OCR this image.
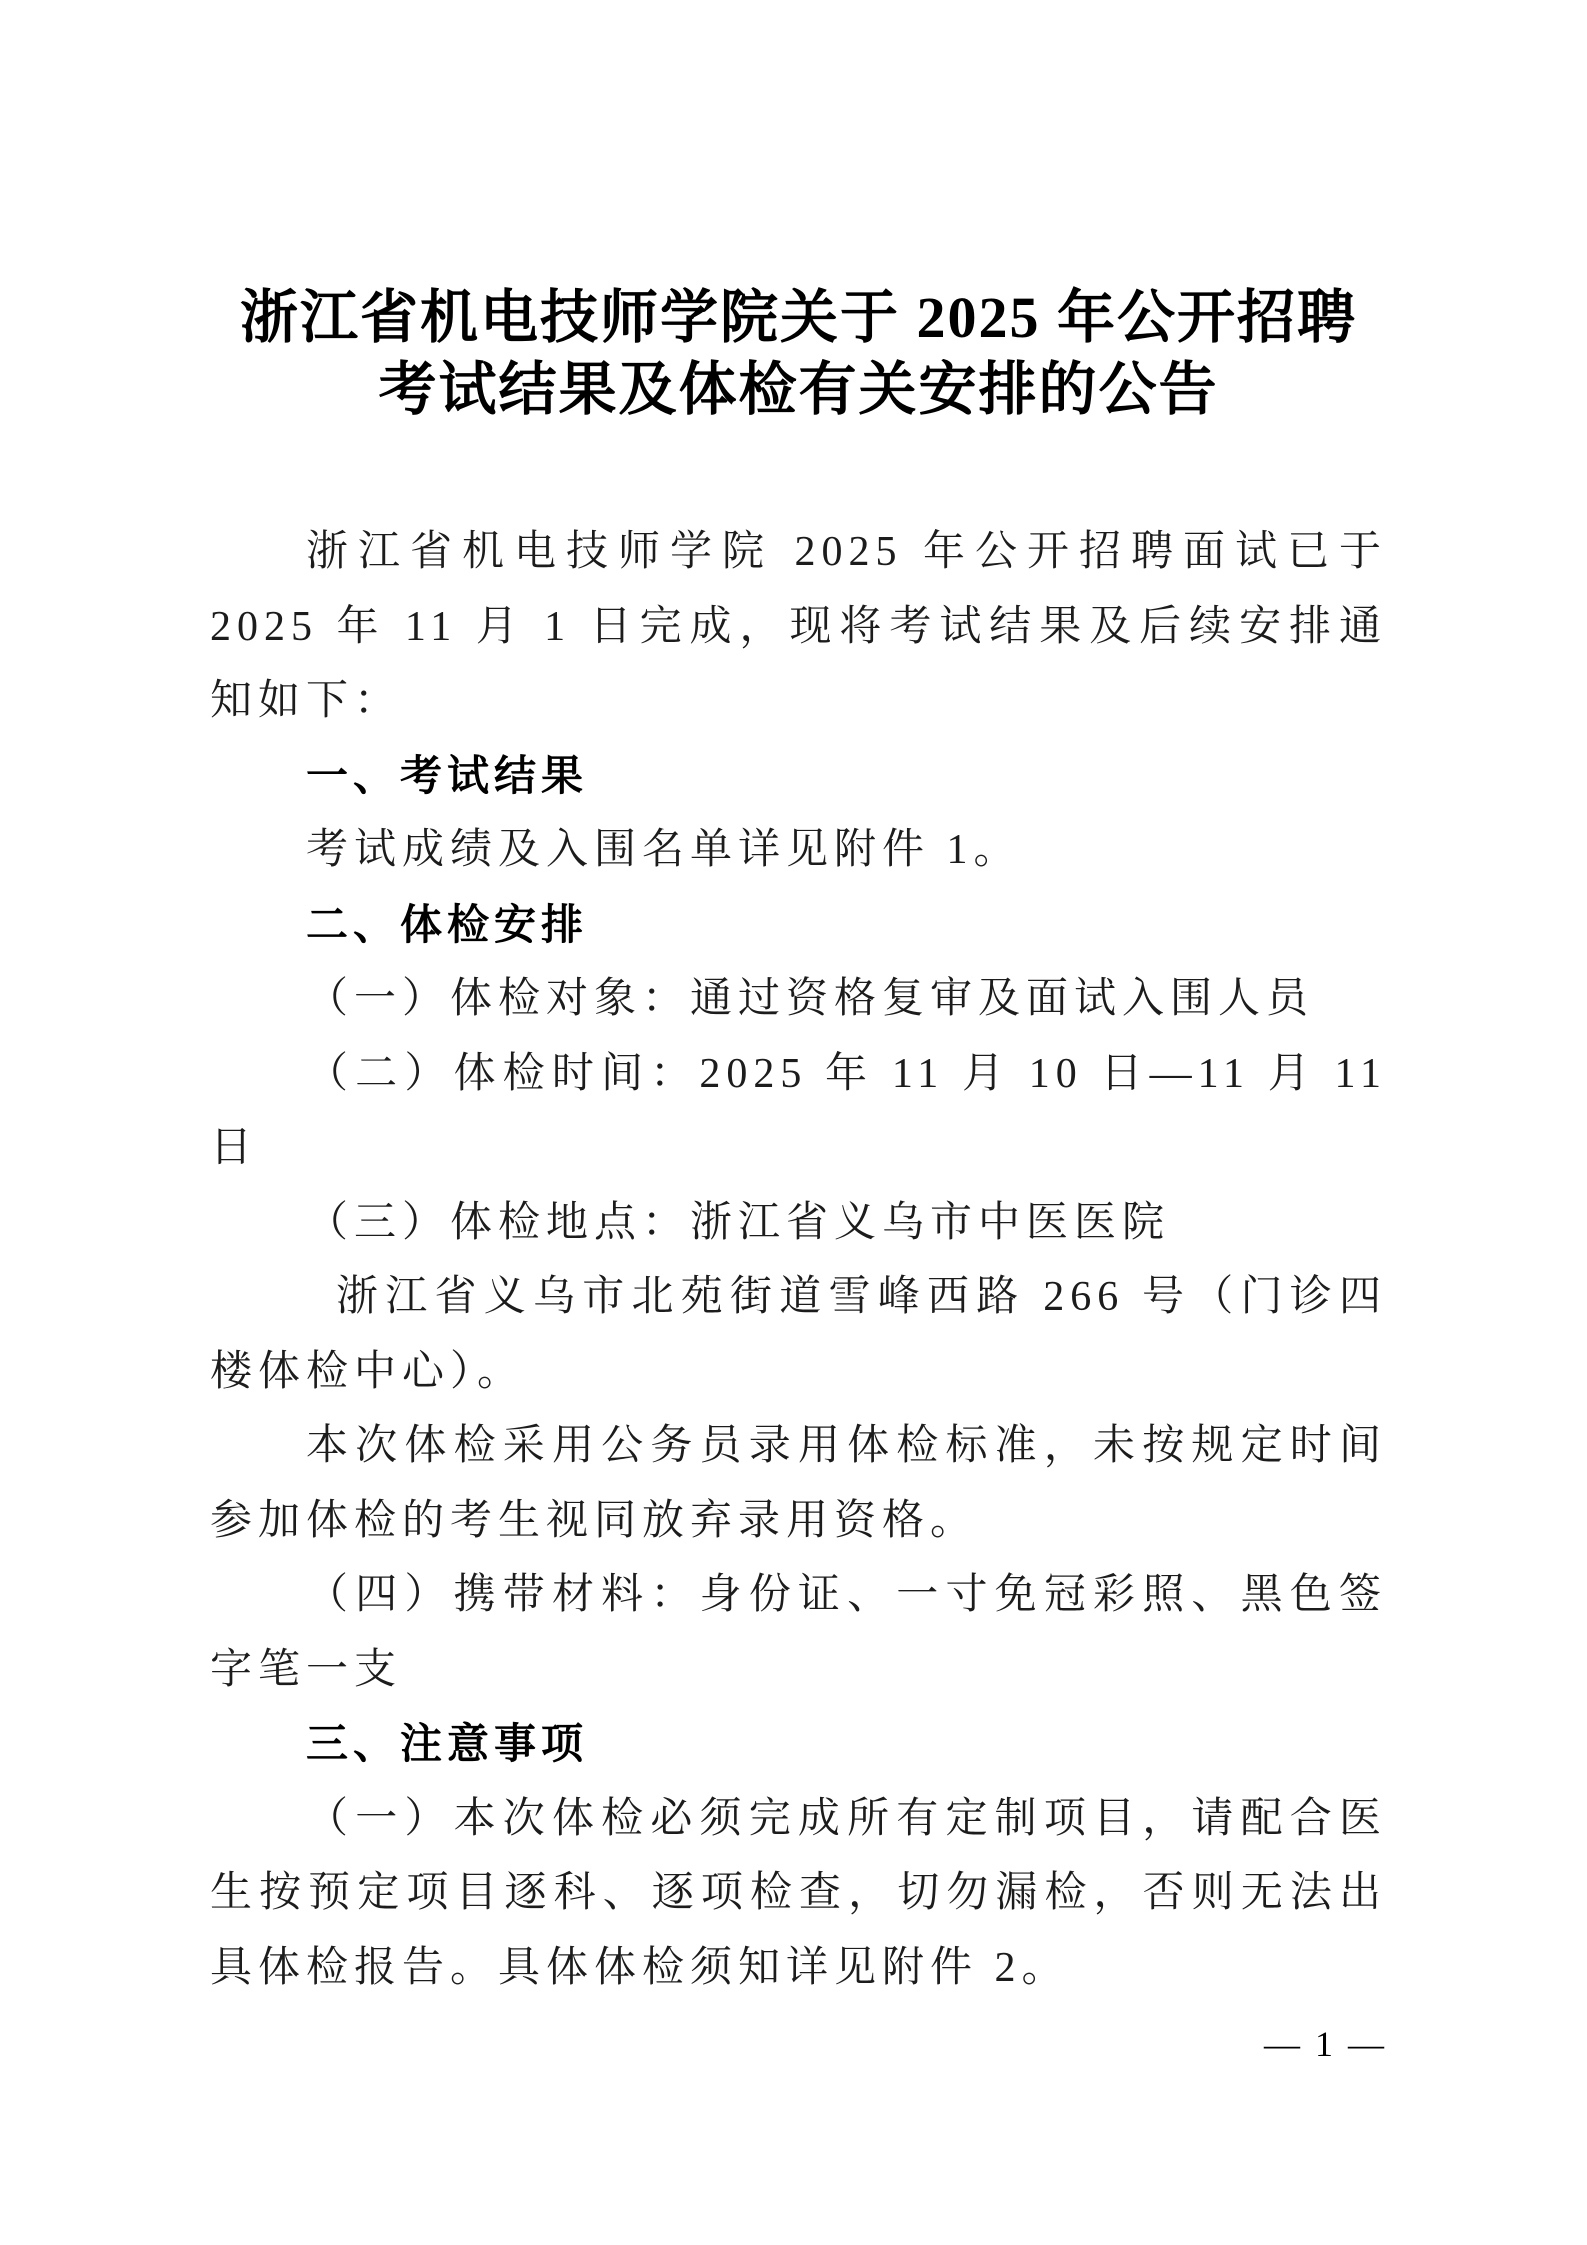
浙江省机电技师学院关于 2025 年公开招聘
考试结果及体检有关安排的公告

浙江省机电技师学院 2025 年公开招聘面试已于 2025 年 11 月 1 日完成，现将考试结果及后续安排通知如下：

一、考试结果

考试成绩及入围名单详见附件 1。

二、体检安排

（一）体检对象：通过资格复审及面试入围人员

（二）体检时间：2025 年 11 月 10 日—11 月 11 日

（三）体检地点：浙江省义乌市中医医院

浙江省义乌市北苑街道雪峰西路 266 号（门诊四楼体检中心）。

本次体检采用公务员录用体检标准，未按规定时间参加体检的考生视同放弃录用资格。

（四）携带材料：身份证、一寸免冠彩照、黑色签字笔一支

三、注意事项

（一）本次体检必须完成所有定制项目，请配合医生按预定项目逐科、逐项检查，切勿漏检，否则无法出具体检报告。具体体检须知详见附件 2。

— 1 —
